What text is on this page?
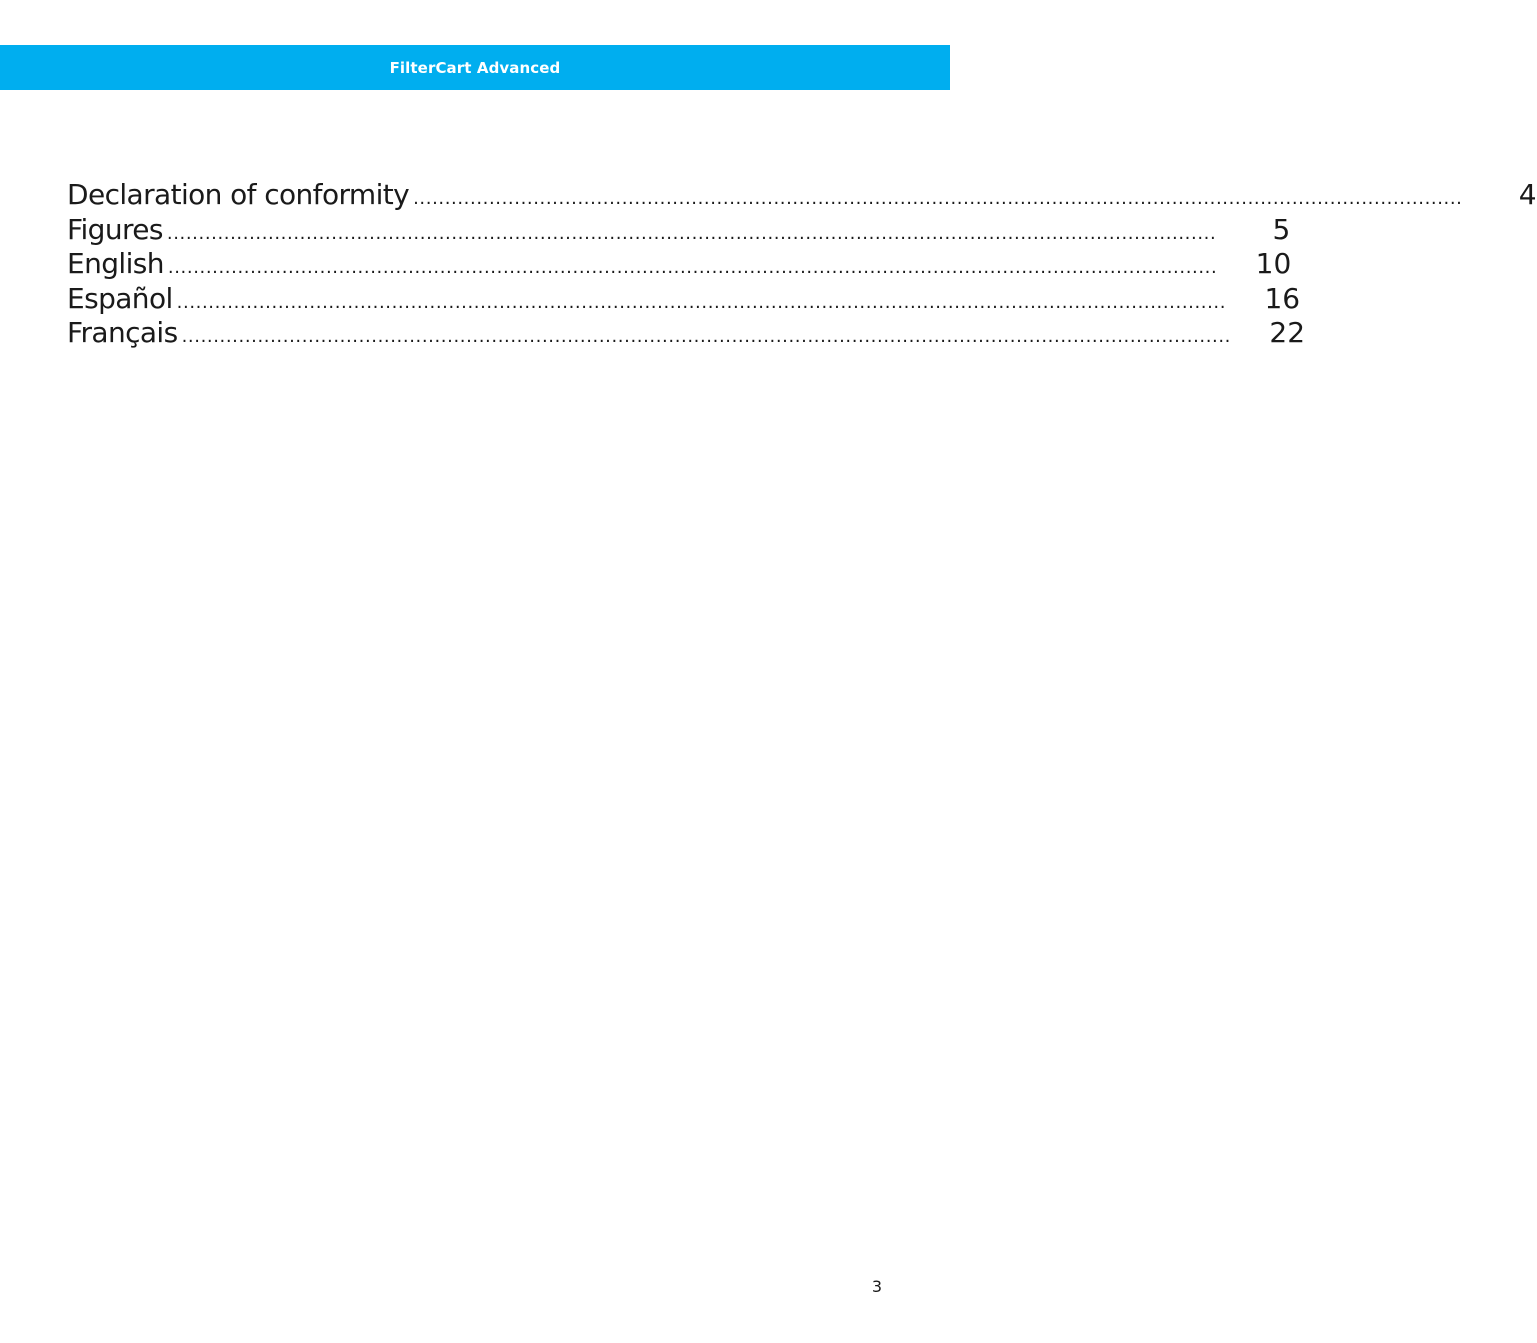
FilterCart Advanced
Declaration of conformity ......................................................................................................................................................................	4
Figures ......................................................................................................................................................................	5
English ......................................................................................................................................................................	10
Español ......................................................................................................................................................................	16
Français ......................................................................................................................................................................	22
3
